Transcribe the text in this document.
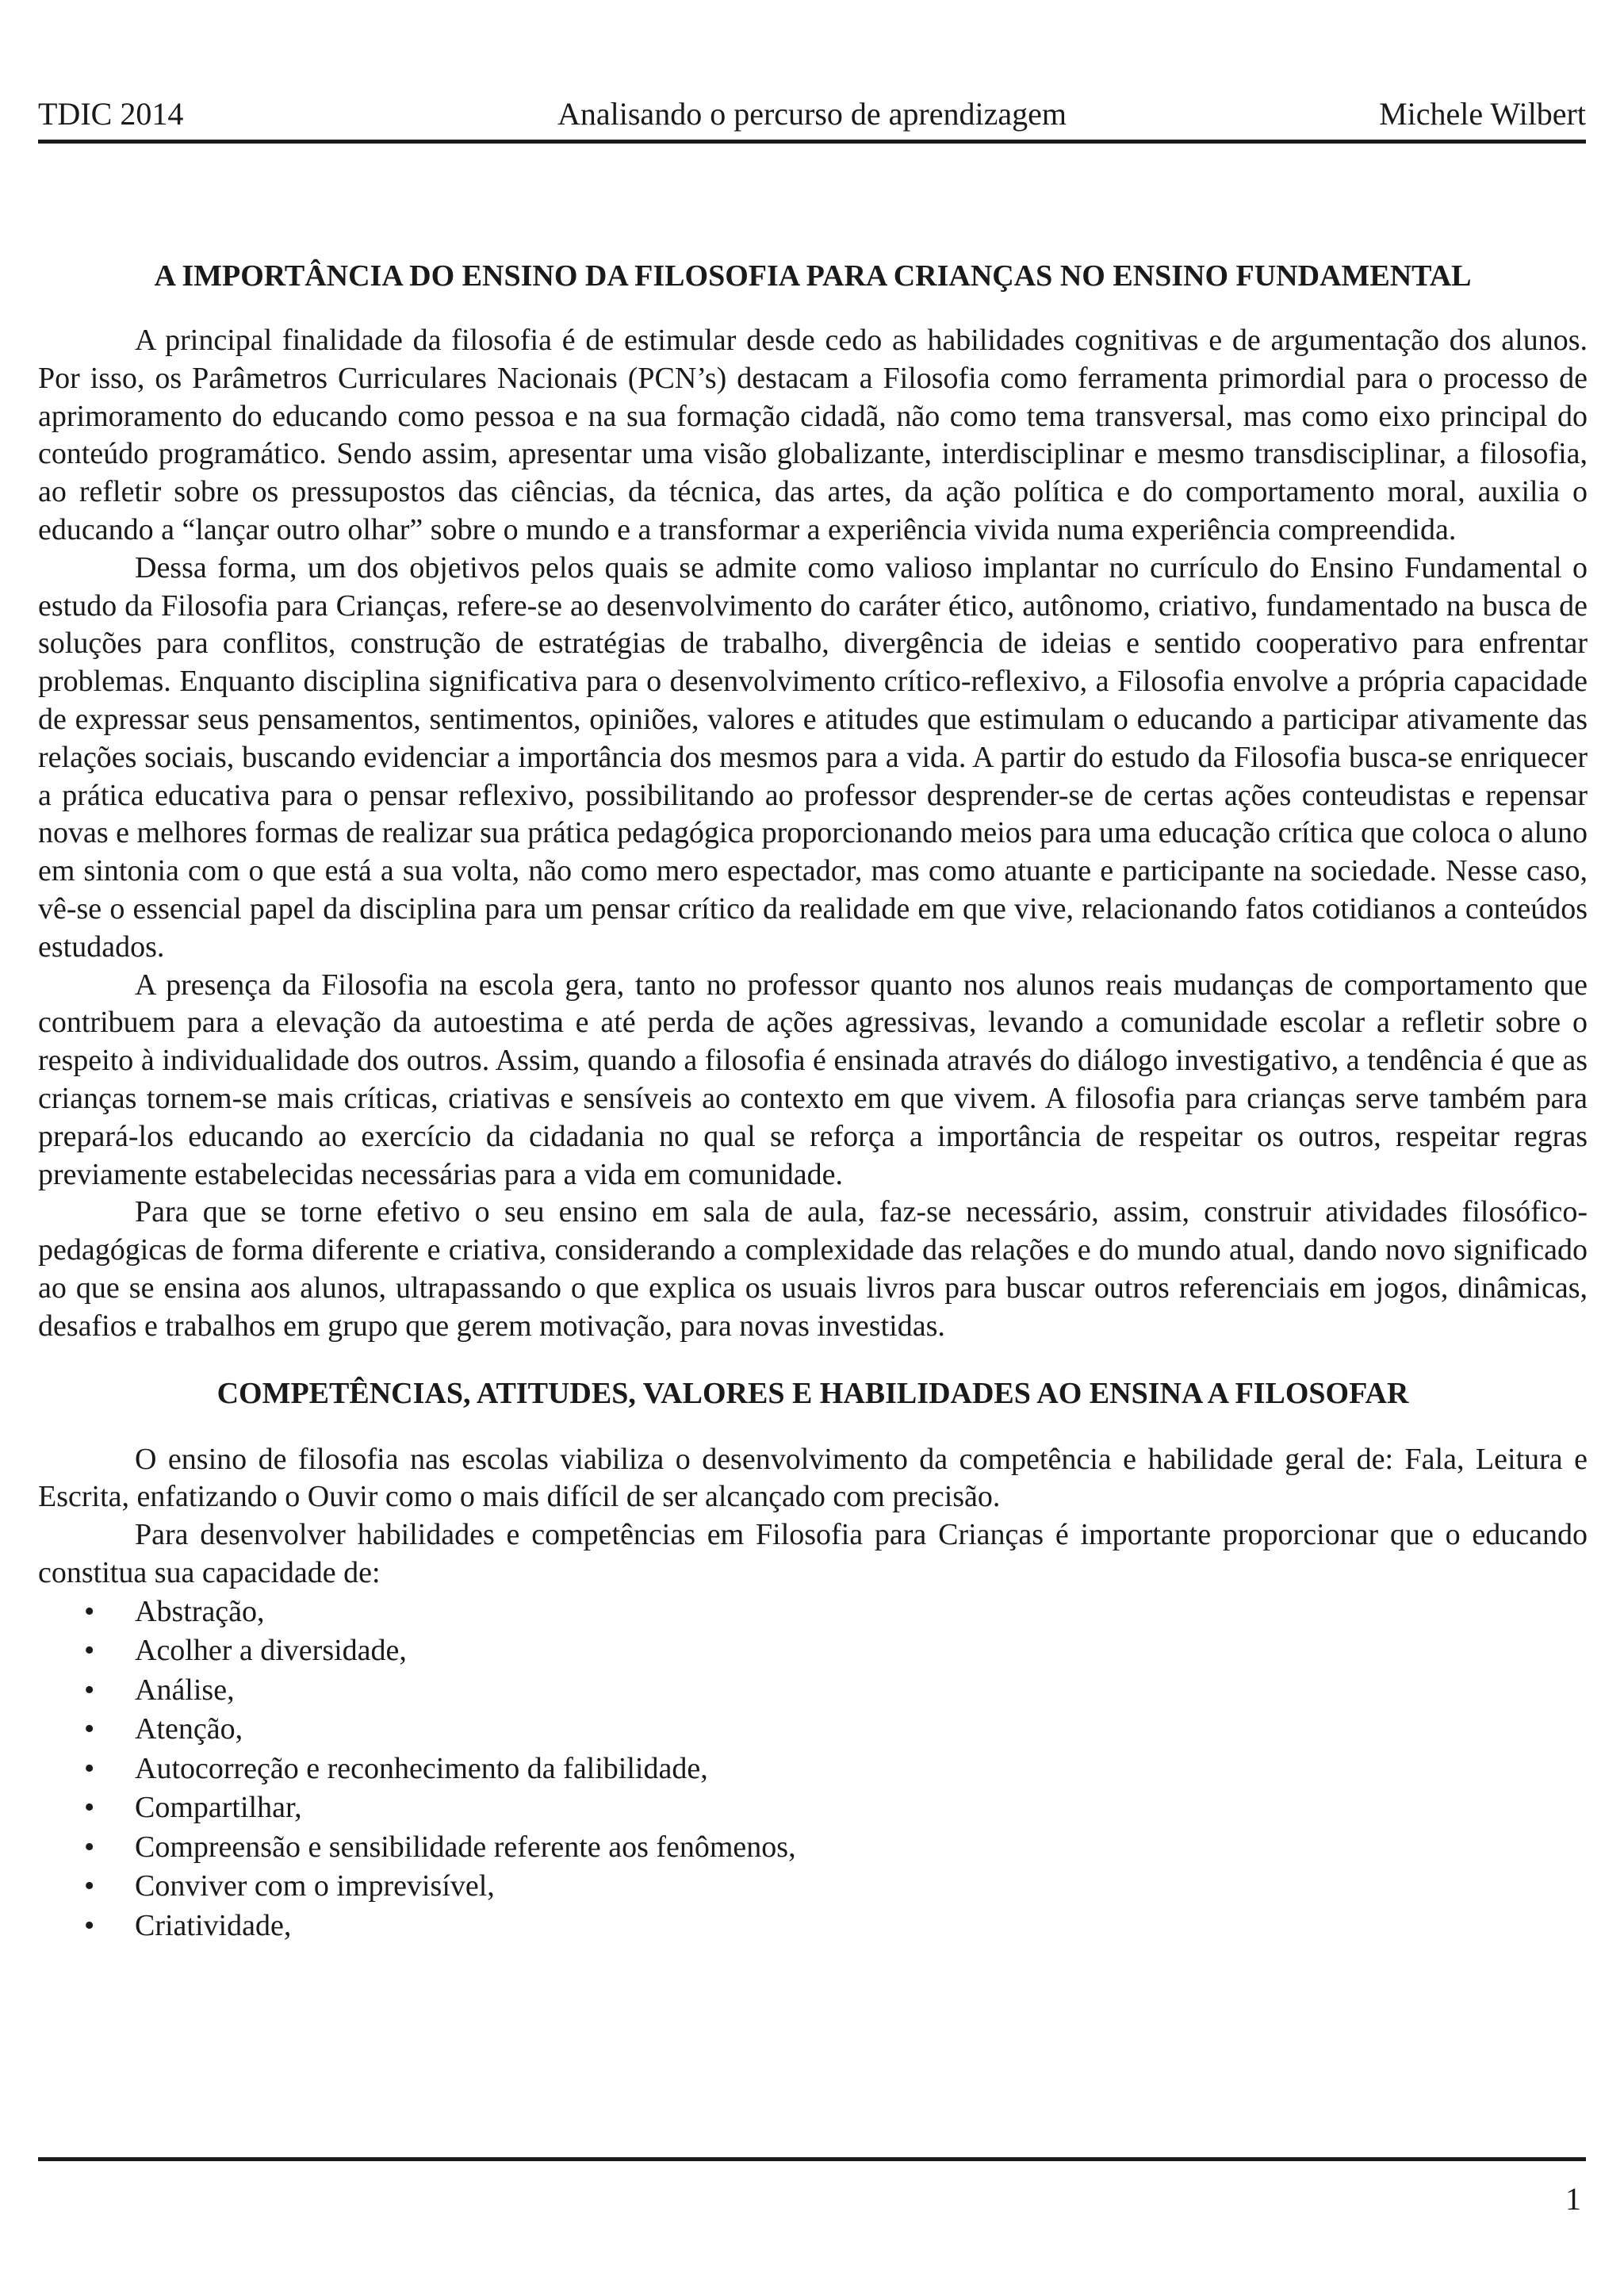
TDIC 2014	Analisando o percurso de aprendizagem	Michele Wilbert
A IMPORTÂNCIA DO ENSINO DA FILOSOFIA PARA CRIANÇAS NO ENSINO FUNDAMENTAL

A principal finalidade da filosofia é de estimular desde cedo as habilidades cognitivas e de argumentação dos alunos. Por isso, os Parâmetros Curriculares Nacionais (PCN’s) destacam a Filosofia como ferramenta primordial para o processo de aprimoramento do educando como pessoa e na sua formação cidadã, não como tema transversal, mas como eixo principal do conteúdo programático. Sendo assim, apresentar uma visão globalizante, interdisciplinar e mesmo transdisciplinar, a filosofia, ao refletir sobre os pressupostos das ciências, da técnica, das artes, da ação política e do comportamento moral, auxilia o educando a “lançar outro olhar” sobre o mundo e a transformar a experiência vivida numa experiência compreendida.

Dessa forma, um dos objetivos pelos quais se admite como valioso implantar no currículo do Ensino Fundamental o estudo da Filosofia para Crianças, refere-se ao desenvolvimento do caráter ético, autônomo, criativo, fundamentado na busca de soluções para conflitos, construção de estratégias de trabalho, divergência de ideias e sentido cooperativo para enfrentar problemas. Enquanto disciplina significativa para o desenvolvimento crítico-reflexivo, a Filosofia envolve a própria capacidade de expressar seus pensamentos, sentimentos, opiniões, valores e atitudes que estimulam o educando a participar ativamente das relações sociais, buscando evidenciar a importância dos mesmos para a vida. A partir do estudo da Filosofia busca-se enriquecer a prática educativa para o pensar reflexivo, possibilitando ao professor desprender-se de certas ações conteudistas e repensar novas e melhores formas de realizar sua prática pedagógica proporcionando meios para uma educação crítica que coloca o aluno em sintonia com o que está a sua volta, não como mero espectador, mas como atuante e participante na sociedade. Nesse caso, vê-se o essencial papel da disciplina para um pensar crítico da realidade em que vive, relacionando fatos cotidianos a conteúdos estudados.

A presença da Filosofia na escola gera, tanto no professor quanto nos alunos reais mudanças de comportamento que contribuem para a elevação da autoestima e até perda de ações agressivas, levando a comunidade escolar a refletir sobre o respeito à individualidade dos outros. Assim, quando a filosofia é ensinada através do diálogo investigativo, a tendência é que as crianças tornem-se mais críticas, criativas e sensíveis ao contexto em que vivem. A filosofia para crianças serve também para prepará-los educando ao exercício da cidadania no qual se reforça a importância de respeitar os outros, respeitar regras previamente estabelecidas necessárias para a vida em comunidade.

Para que se torne efetivo o seu ensino em sala de aula, faz-se necessário, assim, construir atividades filosófico-pedagógicas de forma diferente e criativa, considerando a complexidade das relações e do mundo atual, dando novo significado ao que se ensina aos alunos, ultrapassando o que explica os usuais livros para buscar outros referenciais em jogos, dinâmicas, desafios e trabalhos em grupo que gerem motivação, para novas investidas.

COMPETÊNCIAS, ATITUDES, VALORES E HABILIDADES AO ENSINA A FILOSOFAR

O ensino de filosofia nas escolas viabiliza o desenvolvimento da competência e habilidade geral de: Fala, Leitura e Escrita, enfatizando o Ouvir como o mais difícil de ser alcançado com precisão.

Para desenvolver habilidades e competências em Filosofia para Crianças é importante proporcionar que o educando constitua sua capacidade de:

• Abstração,
• Acolher a diversidade,
• Análise,
• Atenção,
• Autocorreção e reconhecimento da falibilidade,
• Compartilhar,
• Compreensão e sensibilidade referente aos fenômenos,
• Conviver com o imprevisível,
• Criatividade,
1
